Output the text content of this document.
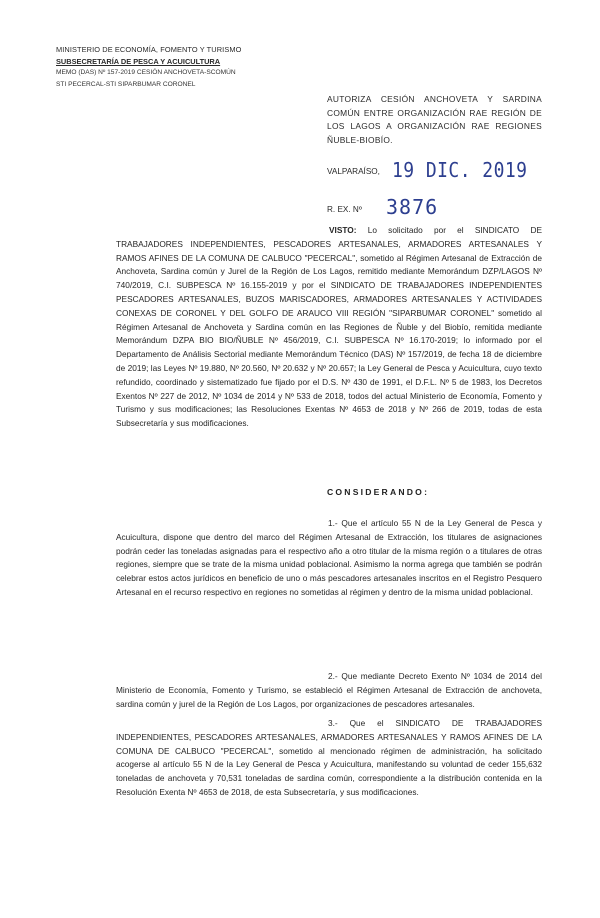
MINISTERIO DE ECONOMÍA, FOMENTO Y TURISMO
SUBSECRETARÍA DE PESCA Y ACUICULTURA
MEMO (DAS) Nº 157-2019 CESIÓN ANCHOVETA-SCOMÚN
STI PECERCAL-STI SIPARBUMAR CORONEL
AUTORIZA CESIÓN ANCHOVETA Y SARDINA COMÚN ENTRE ORGANIZACIÓN RAE REGIÓN DE LOS LAGOS A ORGANIZACIÓN RAE REGIONES ÑUBLE-BIOBÍO.
VALPARAÍSO, 19 DIC. 2019
R. EX. Nº 3876
VISTO: Lo solicitado por el SINDICATO DE TRABAJADORES INDEPENDIENTES, PESCADORES ARTESANALES, ARMADORES ARTESANALES Y RAMOS AFINES DE LA COMUNA DE CALBUCO "PECERCAL", sometido al Régimen Artesanal de Extracción de Anchoveta, Sardina común y Jurel de la Región de Los Lagos, remitido mediante Memorándum DZP/LAGOS Nº 740/2019, C.I. SUBPESCA Nº 16.155-2019 y por el SINDICATO DE TRABAJADORES INDEPENDIENTES PESCADORES ARTESANALES, BUZOS MARISCADORES, ARMADORES ARTESANALES Y ACTIVIDADES CONEXAS DE CORONEL Y DEL GOLFO DE ARAUCO VIII REGIÓN "SIPARBUMAR CORONEL" sometido al Régimen Artesanal de Anchoveta y Sardina común en las Regiones de Ñuble y del Biobío, remitida mediante Memorándum DZPA BIO BIO/ÑUBLE Nº 456/2019, C.I. SUBPESCA Nº 16.170-2019; lo informado por el Departamento de Análisis Sectorial mediante Memorándum Técnico (DAS) Nº 157/2019, de fecha 18 de diciembre de 2019; las Leyes Nº 19.880, Nº 20.560, Nº 20.632 y Nº 20.657; la Ley General de Pesca y Acuicultura, cuyo texto refundido, coordinado y sistematizado fue fijado por el D.S. Nº 430 de 1991, el D.F.L. Nº 5 de 1983, los Decretos Exentos Nº 227 de 2012, Nº 1034 de 2014 y Nº 533 de 2018, todos del actual Ministerio de Economía, Fomento y Turismo y sus modificaciones; las Resoluciones Exentas Nº 4653 de 2018 y Nº 266 de 2019, todas de esta Subsecretaría y sus modificaciones.
CONSIDERANDO:
1.- Que el artículo 55 N de la Ley General de Pesca y Acuicultura, dispone que dentro del marco del Régimen Artesanal de Extracción, los titulares de asignaciones podrán ceder las toneladas asignadas para el respectivo año a otro titular de la misma región o a titulares de otras regiones, siempre que se trate de la misma unidad poblacional. Asimismo la norma agrega que también se podrán celebrar estos actos jurídicos en beneficio de uno o más pescadores artesanales inscritos en el Registro Pesquero Artesanal en el recurso respectivo en regiones no sometidas al régimen y dentro de la misma unidad poblacional.
2.- Que mediante Decreto Exento Nº 1034 de 2014 del Ministerio de Economía, Fomento y Turismo, se estableció el Régimen Artesanal de Extracción de anchoveta, sardina común y jurel de la Región de Los Lagos, por organizaciones de pescadores artesanales.
3.- Que el SINDICATO DE TRABAJADORES INDEPENDIENTES, PESCADORES ARTESANALES, ARMADORES ARTESANALES Y RAMOS AFINES DE LA COMUNA DE CALBUCO "PECERCAL", sometido al mencionado régimen de administración, ha solicitado acogerse al artículo 55 N de la Ley General de Pesca y Acuicultura, manifestando su voluntad de ceder 155,632 toneladas de anchoveta y 70,531 toneladas de sardina común, correspondiente a la distribución contenida en la Resolución Exenta Nº 4653 de 2018, de esta Subsecretaría, y sus modificaciones.
